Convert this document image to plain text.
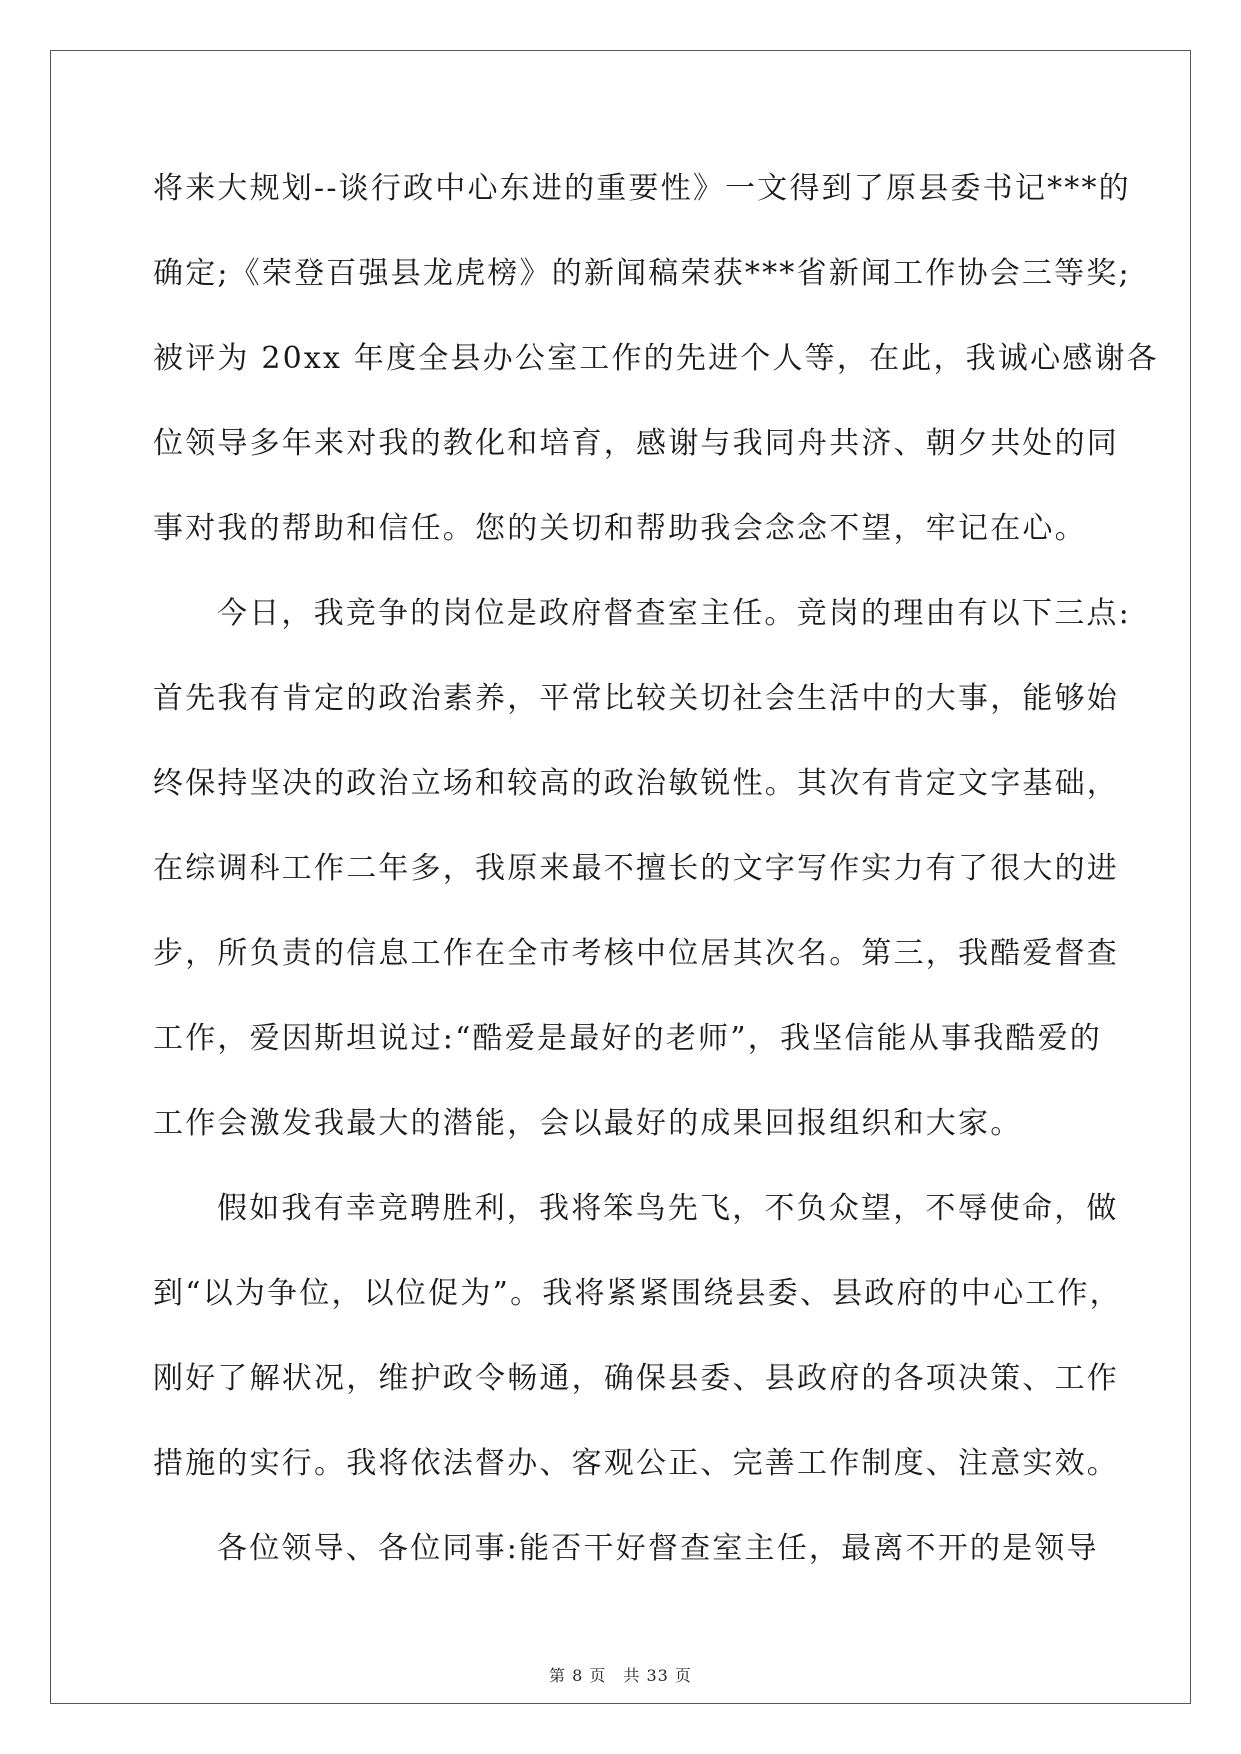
将来大规划--谈行政中心东进的重要性》一文得到了原县委书记***的
确定;《荣登百强县龙虎榜》的新闻稿荣获***省新闻工作协会三等奖;
被评为 20xx 年度全县办公室工作的先进个人等，在此，我诚心感谢各
位领导多年来对我的教化和培育，感谢与我同舟共济、朝夕共处的同
事对我的帮助和信任。您的关切和帮助我会念念不望，牢记在心。
今日，我竞争的岗位是政府督查室主任。竞岗的理由有以下三点:
首先我有肯定的政治素养，平常比较关切社会生活中的大事，能够始
终保持坚决的政治立场和较高的政治敏锐性。其次有肯定文字基础，
在综调科工作二年多，我原来最不擅长的文字写作实力有了很大的进
步，所负责的信息工作在全市考核中位居其次名。第三，我酷爱督查
工作，爱因斯坦说过:“酷爱是最好的老师”，我坚信能从事我酷爱的
工作会激发我最大的潜能，会以最好的成果回报组织和大家。
假如我有幸竞聘胜利，我将笨鸟先飞，不负众望，不辱使命，做
到“以为争位，以位促为”。我将紧紧围绕县委、县政府的中心工作，
刚好了解状况，维护政令畅通，确保县委、县政府的各项决策、工作
措施的实行。我将依法督办、客观公正、完善工作制度、注意实效。
各位领导、各位同事:能否干好督查室主任，最离不开的是领导
第 8 页　共 33 页
